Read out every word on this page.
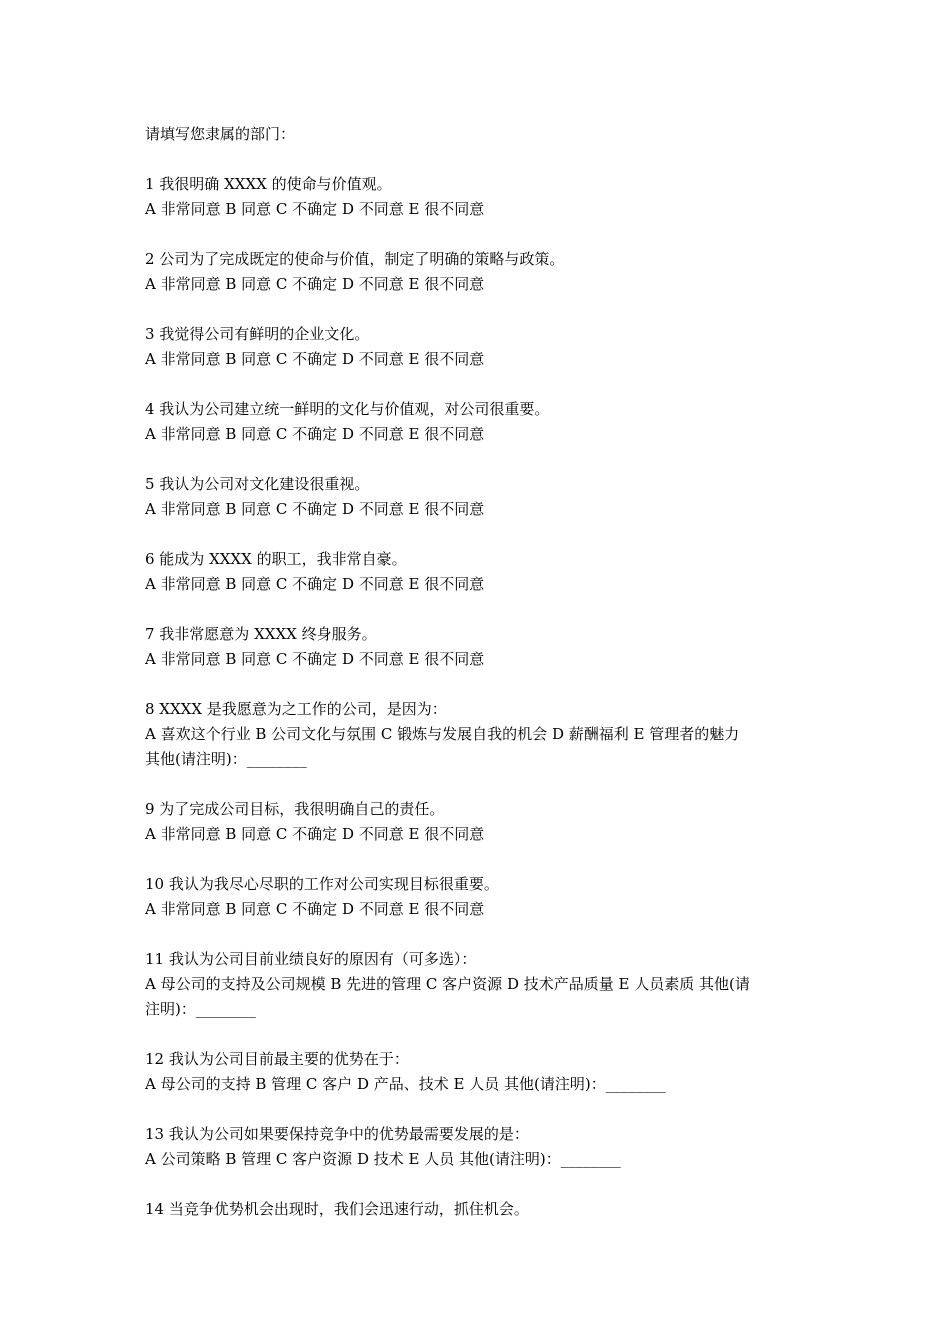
请填写您隶属的部门：

1 我很明确 XXXX 的使命与价值观。

A 非常同意 B 同意 C 不确定 D 不同意 E 很不同意

2 公司为了完成既定的使命与价值，制定了明确的策略与政策。

A 非常同意 B 同意 C 不确定 D 不同意 E 很不同意

3 我觉得公司有鲜明的企业文化。

A 非常同意 B 同意 C 不确定 D 不同意 E 很不同意

4 我认为公司建立统一鲜明的文化与价值观，对公司很重要。

A 非常同意 B 同意 C 不确定 D 不同意 E 很不同意

5 我认为公司对文化建设很重视。

A 非常同意 B 同意 C 不确定 D 不同意 E 很不同意

6 能成为 XXXX 的职工，我非常自豪。

A 非常同意 B 同意 C 不确定 D 不同意 E 很不同意

7 我非常愿意为 XXXX 终身服务。

A 非常同意 B 同意 C 不确定 D 不同意 E 很不同意

8 XXXX 是我愿意为之工作的公司，是因为：

A 喜欢这个行业 B 公司文化与氛围 C 锻炼与发展自我的机会 D 薪酬福利 E 管理者的魅力

其他(请注明)：________

9 为了完成公司目标，我很明确自己的责任。

A 非常同意 B 同意 C 不确定 D 不同意 E 很不同意

10 我认为我尽心尽职的工作对公司实现目标很重要。

A 非常同意 B 同意 C 不确定 D 不同意 E 很不同意

11 我认为公司目前业绩良好的原因有（可多选）：

A 母公司的支持及公司规模 B 先进的管理 C 客户资源 D 技术产品质量 E 人员素质 其他(请

注明)：________

12 我认为公司目前最主要的优势在于：

A 母公司的支持 B 管理 C 客户 D 产品、技术 E 人员 其他(请注明)：________

13 我认为公司如果要保持竞争中的优势最需要发展的是：

A 公司策略 B 管理 C 客户资源 D 技术 E 人员 其他(请注明)：________

14 当竞争优势机会出现时，我们会迅速行动，抓住机会。
